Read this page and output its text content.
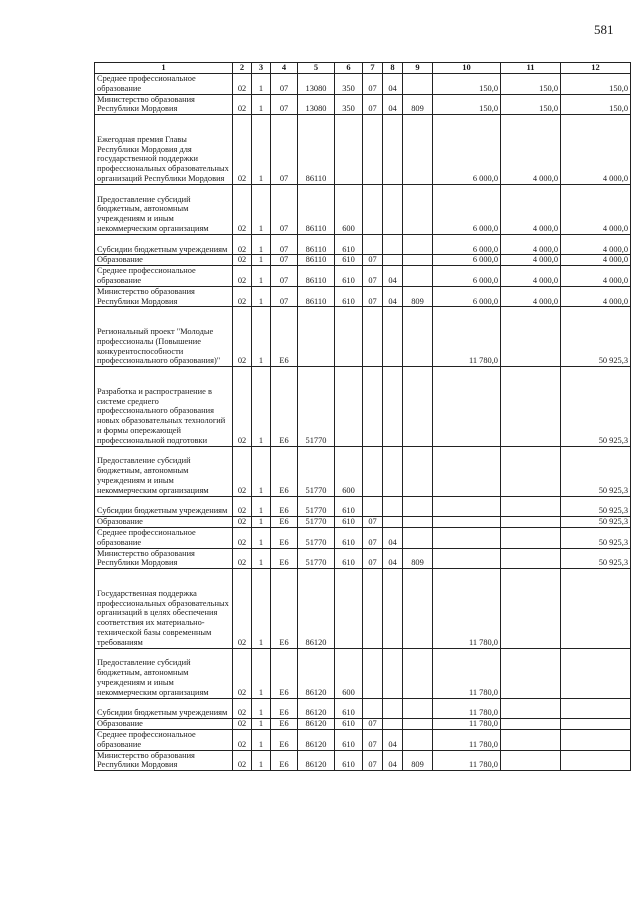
581
1	2	3	4	5	6	7	8	9	10	11	12
Среднее профессиональное образование	02	1	07	13080	350	07	04		150,0	150,0	150,0
Министерство образования Республики Мордовия	02	1	07	13080	350	07	04	809	150,0	150,0	150,0
Ежегодная премия Главы Республики Мордовия для государственной поддержки профессиональных образовательных организаций Республики Мордовия	02	1	07	86110					6 000,0	4 000,0	4 000,0
Предоставление субсидий бюджетным, автономным учреждениям и иным некоммерческим организациям	02	1	07	86110	600				6 000,0	4 000,0	4 000,0
Субсидии бюджетным учреждениям	02	1	07	86110	610				6 000,0	4 000,0	4 000,0
Образование	02	1	07	86110	610	07			6 000,0	4 000,0	4 000,0
Среднее профессиональное образование	02	1	07	86110	610	07	04		6 000,0	4 000,0	4 000,0
Министерство образования Республики Мордовия	02	1	07	86110	610	07	04	809	6 000,0	4 000,0	4 000,0
Региональный проект "Молодые профессионалы (Повышение конкурентоспособности профессионального образования)"	02	1	Е6						11 780,0		50 925,3
Разработка и распространение в системе среднего профессионального образования новых образовательных технологий и формы опережающей профессиональной подготовки	02	1	Е6	51770							50 925,3
Предоставление субсидий бюджетным, автономным учреждениям и иным некоммерческим организациям	02	1	Е6	51770	600						50 925,3
Субсидии бюджетным учреждениям	02	1	Е6	51770	610						50 925,3
Образование	02	1	Е6	51770	610	07					50 925,3
Среднее профессиональное образование	02	1	Е6	51770	610	07	04				50 925,3
Министерство образования Республики Мордовия	02	1	Е6	51770	610	07	04	809			50 925,3
Государственная поддержка профессиональных образовательных организаций в целях обеспечения соответствия их материально-технической базы современным требованиям	02	1	Е6	86120					11 780,0		
Предоставление субсидий бюджетным, автономным учреждениям и иным некоммерческим организациям	02	1	Е6	86120	600				11 780,0		
Субсидии бюджетным учреждениям	02	1	Е6	86120	610				11 780,0		
Образование	02	1	Е6	86120	610	07			11 780,0		
Среднее профессиональное образование	02	1	Е6	86120	610	07	04		11 780,0		
Министерство образования Республики Мордовия	02	1	Е6	86120	610	07	04	809	11 780,0		
